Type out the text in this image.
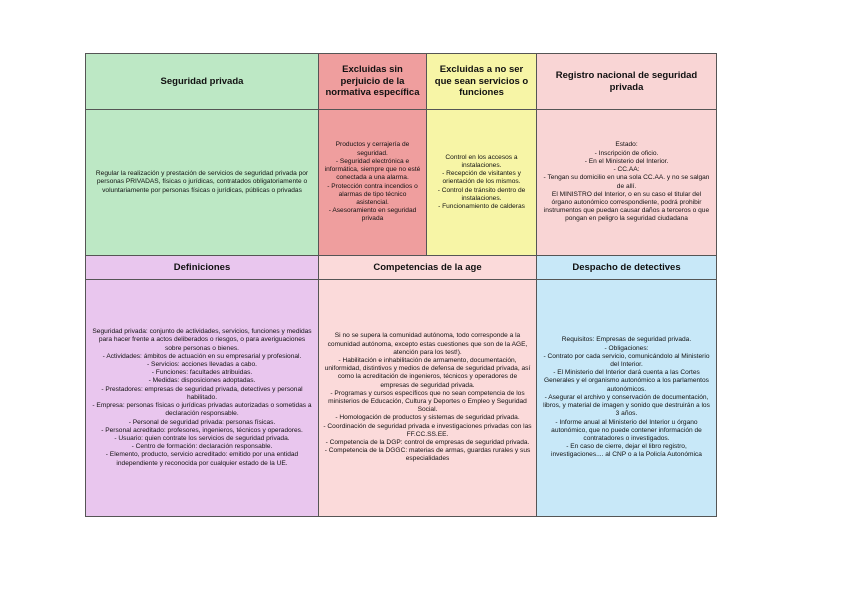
Seguridad privada
Excluidas sin perjuicio de la normativa específica
Excluidas a no ser que sean servicios o funciones
Registro nacional de seguridad privada
Regular la realización y prestación de servicios de seguridad privada por personas PRIVADAS, físicas o jurídicas, contratados obligatoriamente o voluntariamente por personas físicas o jurídicas, públicas o privadas
Productos y cerrajería de seguridad.
- Seguridad electrónica e informática, siempre que no esté conectada a una alarma.
- Protección contra incendios o alarmas de tipo técnico asistencial.
- Asesoramiento en seguridad privada
Control en los accesos a instalaciones.
- Recepción de visitantes y orientación de los mismos.
- Control de tránsito dentro de instalaciones.
- Funcionamiento de calderas
Estado:
- Inscripción de oficio.
- En el Ministerio del Interior.
- CC.AA:
- Tengan su domicilio en una sola CC.AA. y no se salgan de allí.
El MINISTRO del Interior, o en su caso el titular del órgano autonómico correspondiente, podrá prohibir instrumentos que puedan causar daños a terceros o que pongan en peligro la seguridad ciudadana
Definiciones	Competencias de la age	Despacho de detectives
Seguridad privada: conjunto de actividades, servicios, funciones y medidas para hacer frente a actos deliberados o riesgos, o para averiguaciones sobre personas o bienes.
- Actividades: ámbitos de actuación en su empresarial y profesional.
- Servicios: acciones llevadas a cabo.
- Funciones: facultades atribuidas.
- Medidas: disposiciones adoptadas.
- Prestadores: empresas de seguridad privada, detectives y personal habilitado.
- Empresa: personas físicas o jurídicas privadas autorizadas o sometidas a declaración responsable.
- Personal de seguridad privada: personas físicas.
- Personal acreditado: profesores, ingenieros, técnicos y operadores.
- Usuario: quien contrate los servicios de seguridad privada.
- Centro de formación: declaración responsable.
- Elemento, producto, servicio acreditado: emitido por una entidad independiente y reconocida por cualquier estado de la UE.
Si no se supera la comunidad autónoma, todo corresponde a la comunidad autónoma, excepto estas cuestiones que son de la AGE, atención para los test!).
- Habilitación e inhabilitación de armamento, documentación, uniformidad, distintivos y medios de defensa de seguridad privada, así como la acreditación de ingenieros, técnicos y operadores de empresas de seguridad privada.
- Programas y cursos específicos que no sean competencia de los ministerios de Educación, Cultura y Deportes o Empleo y Seguridad Social.
- Homologación de productos y sistemas de seguridad privada.
- Coordinación de seguridad privada e investigaciones privadas con las FF.CC.SS.EE.
- Competencia de la DGP: control de empresas de seguridad privada.
- Competencia de la DGGC: materias de armas, guardas rurales y sus especialidades
Requisitos: Empresas de seguridad privada.
- Obligaciones:
- Contrato por cada servicio, comunicándolo al Ministerio del Interior.
- El Ministerio del Interior dará cuenta a las Cortes Generales y el organismo autonómico a los parlamentos autonómicos.
- Asegurar el archivo y conservación de documentación, libros, y material de imagen y sonido que destruirán a los 3 años.
- Informe anual al Ministerio del Interior u órgano autonómico, que no puede contener información de contratadores o investigados.
- En caso de cierre, dejar el libro registro, investigaciones.... al CNP o a la Policía Autonómica
